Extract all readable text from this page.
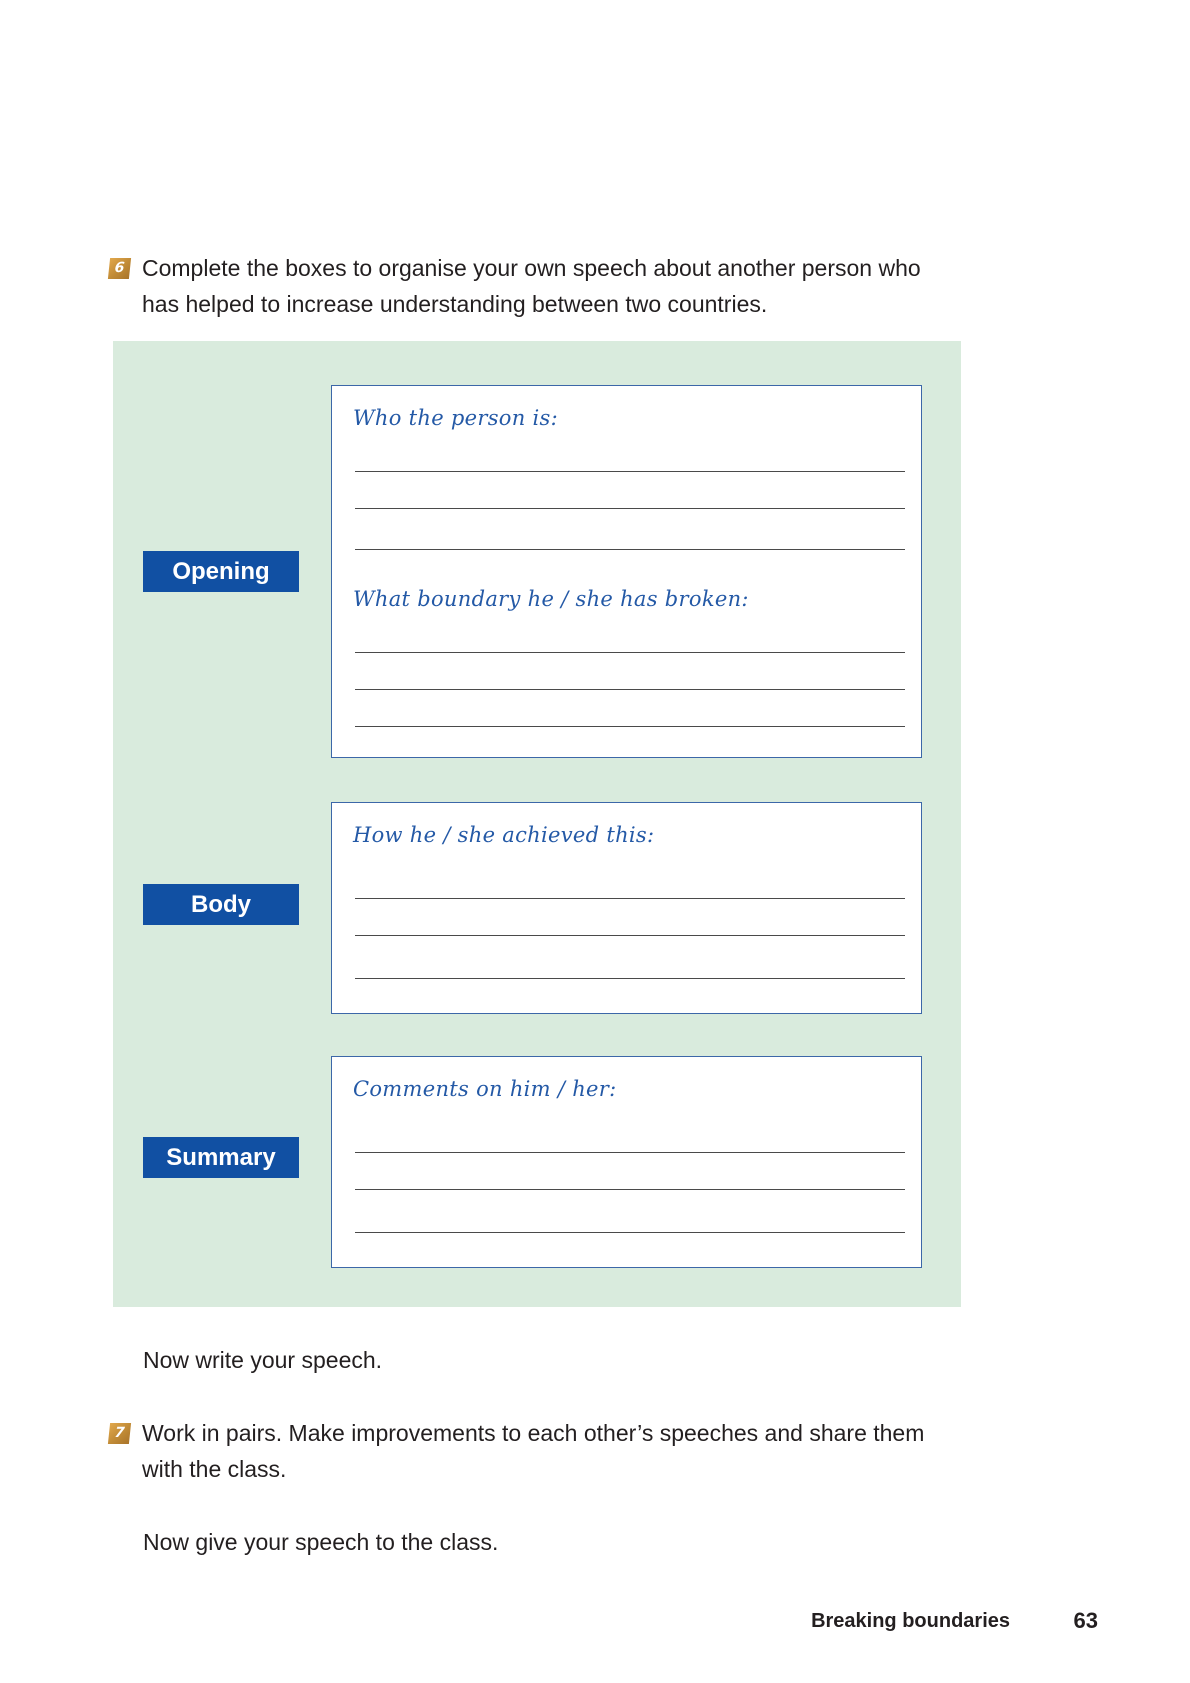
6 Complete the boxes to organise your own speech about another person who has helped to increase understanding between two countries.

Opening
Who the person is:
What boundary he / she has broken:
Body
How he / she achieved this:
Summary
Comments on him / her:

Now write your speech.

7 Work in pairs. Make improvements to each other’s speeches and share them with the class.

Now give your speech to the class.

Breaking boundaries	63
